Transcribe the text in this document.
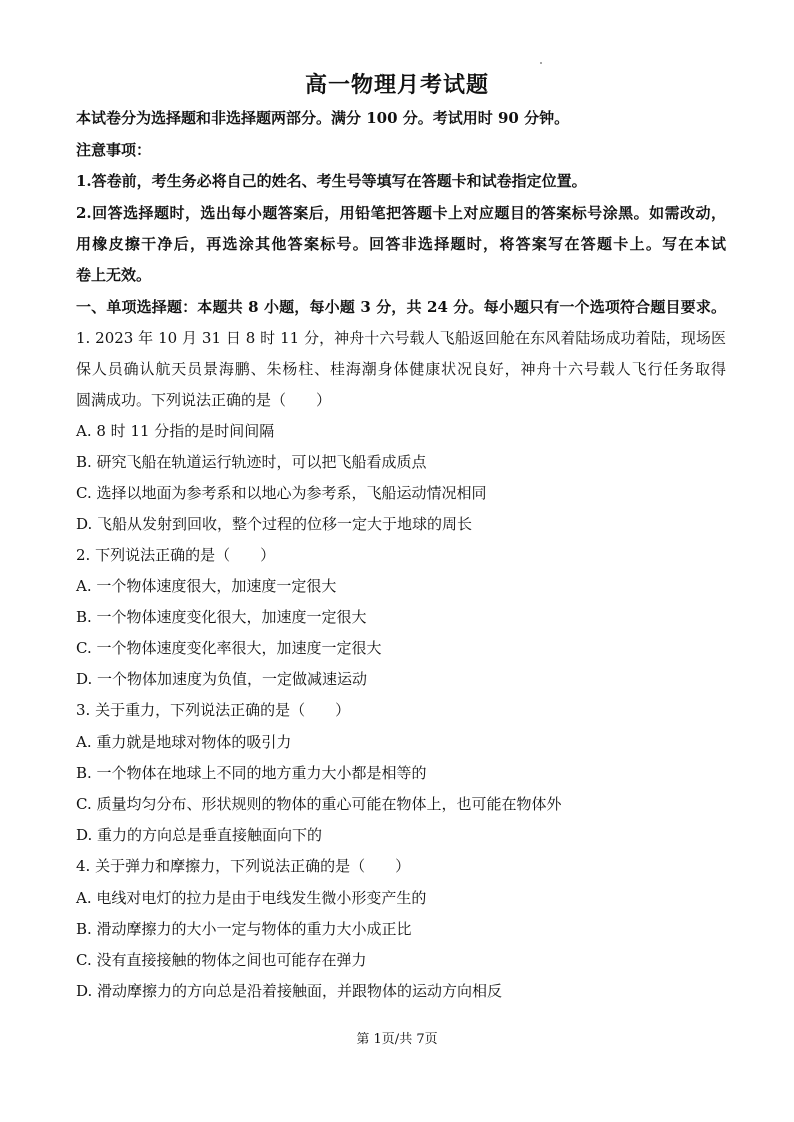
高一物理月考试题
本试卷分为选择题和非选择题两部分。满分 100 分。考试用时 90 分钟。
注意事项：
1.答卷前，考生务必将自己的姓名、考生号等填写在答题卡和试卷指定位置。
2.回答选择题时，选出每小题答案后，用铅笔把答题卡上对应题目的答案标号涂黑。如需改动，
用橡皮擦干净后，再选涂其他答案标号。回答非选择题时，将答案写在答题卡上。写在本试
卷上无效。
一、单项选择题：本题共 8 小题，每小题 3 分，共 24 分。每小题只有一个选项符合题目要求。
1. 2023 年 10 月 31 日 8 时 11 分，神舟十六号载人飞船返回舱在东风着陆场成功着陆，现场医
保人员确认航天员景海鹏、朱杨柱、桂海潮身体健康状况良好，神舟十六号载人飞行任务取得
圆满成功。下列说法正确的是（　　）
A. 8 时 11 分指的是时间间隔
B. 研究飞船在轨道运行轨迹时，可以把飞船看成质点
C. 选择以地面为参考系和以地心为参考系，飞船运动情况相同
D. 飞船从发射到回收，整个过程的位移一定大于地球的周长
2. 下列说法正确的是（　　）
A. 一个物体速度很大，加速度一定很大
B. 一个物体速度变化很大，加速度一定很大
C. 一个物体速度变化率很大，加速度一定很大
D. 一个物体加速度为负值，一定做减速运动
3. 关于重力，下列说法正确的是（　　）
A. 重力就是地球对物体的吸引力
B. 一个物体在地球上不同的地方重力大小都是相等的
C. 质量均匀分布、形状规则的物体的重心可能在物体上，也可能在物体外
D. 重力的方向总是垂直接触面向下的
4. 关于弹力和摩擦力，下列说法正确的是（　　）
A. 电线对电灯的拉力是由于电线发生微小形变产生的
B. 滑动摩擦力的大小一定与物体的重力大小成正比
C. 没有直接接触的物体之间也可能存在弹力
D. 滑动摩擦力的方向总是沿着接触面，并跟物体的运动方向相反
第 1页/共 7页
